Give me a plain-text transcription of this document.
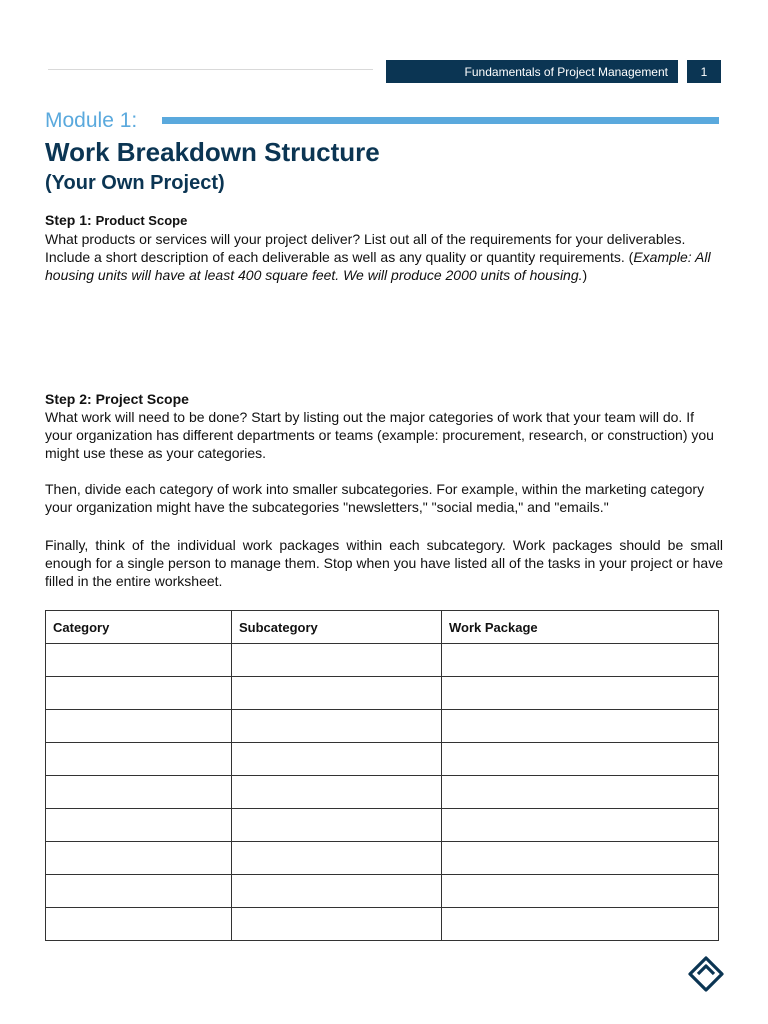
Fundamentals of Project Management	1
Module 1:
Work Breakdown Structure
(Your Own Project)
Step 1: Product Scope

What products or services will your project deliver? List out all of the requirements for your deliverables. Include a short description of each deliverable as well as any quality or quantity requirements. (Example: All housing units will have at least 400 square feet. We will produce 2000 units of housing.)

Step 2: Project Scope

What work will need to be done? Start by listing out the major categories of work that your team will do. If your organization has different departments or teams (example: procurement, research, or construction) you might use these as your categories.

Then, divide each category of work into smaller subcategories. For example, within the marketing category your organization might have the subcategories "newsletters," "social media," and "emails."

Finally, think of the individual work packages within each subcategory. Work packages should be small enough for a single person to manage them. Stop when you have listed all of the tasks in your project or have filled in the entire worksheet.

Category	Subcategory	Work Package
